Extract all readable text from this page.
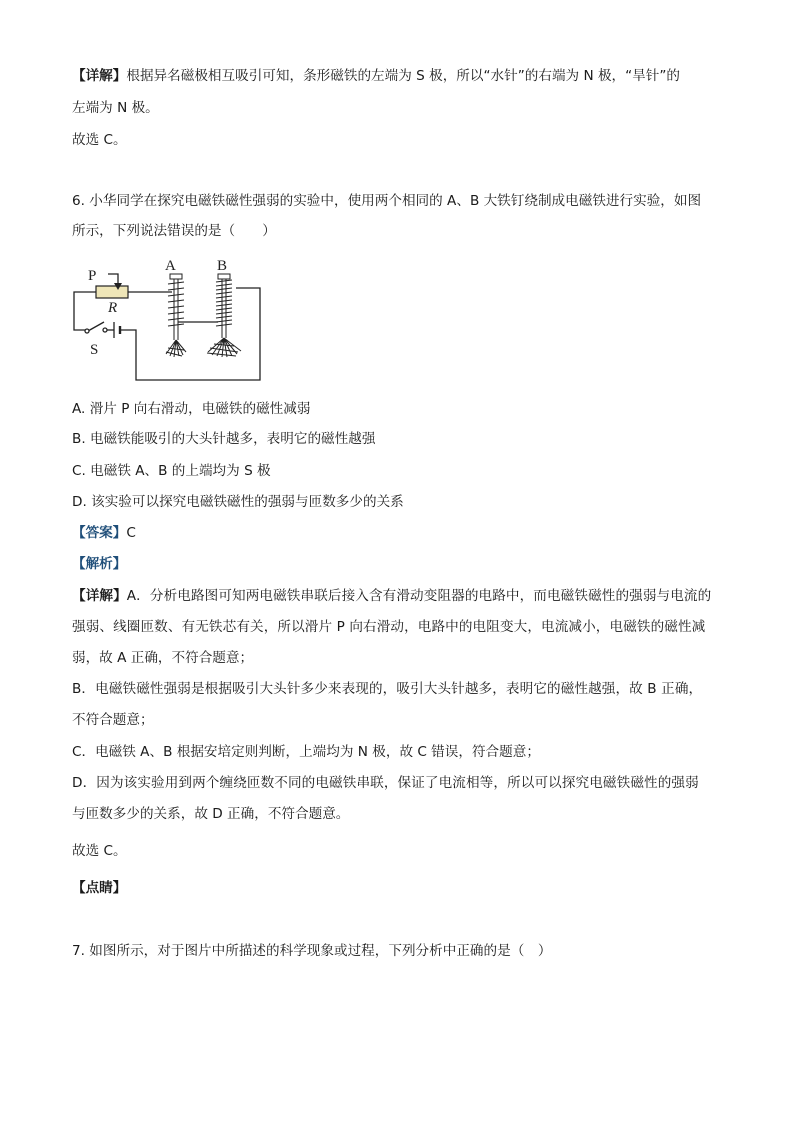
【详解】根据异名磁极相互吸引可知，条形磁铁的左端为 S 极，所以“水针”的右端为 N 极，“旱针”的
左端为 N 极。
故选 C。
6. 小华同学在探究电磁铁磁性强弱的实验中，使用两个相同的 A、B 大铁钉绕制成电磁铁进行实验，如图
所示，下列说法错误的是（　　）
P
R
S
A	B
A. 滑片 P 向右滑动，电磁铁的磁性减弱
B. 电磁铁能吸引的大头针越多，表明它的磁性越强
C. 电磁铁 A、B 的上端均为 S 极
D. 该实验可以探究电磁铁磁性的强弱与匝数多少的关系
【答案】C
【解析】
【详解】A．分析电路图可知两电磁铁串联后接入含有滑动变阻器的电路中，而电磁铁磁性的强弱与电流的
强弱、线圈匝数、有无铁芯有关，所以滑片 P 向右滑动，电路中的电阻变大，电流减小，电磁铁的磁性减
弱，故 A 正确，不符合题意；
B．电磁铁磁性强弱是根据吸引大头针多少来表现的，吸引大头针越多，表明它的磁性越强，故 B 正确，
不符合题意；
C．电磁铁 A、B 根据安培定则判断，上端均为 N 极，故 C 错误，符合题意；
D．因为该实验用到两个缠绕匝数不同的电磁铁串联，保证了电流相等，所以可以探究电磁铁磁性的强弱
与匝数多少的关系，故 D 正确，不符合题意。
故选 C。
【点睛】
7. 如图所示，对于图片中所描述的科学现象或过程，下列分析中正确的是（　）
